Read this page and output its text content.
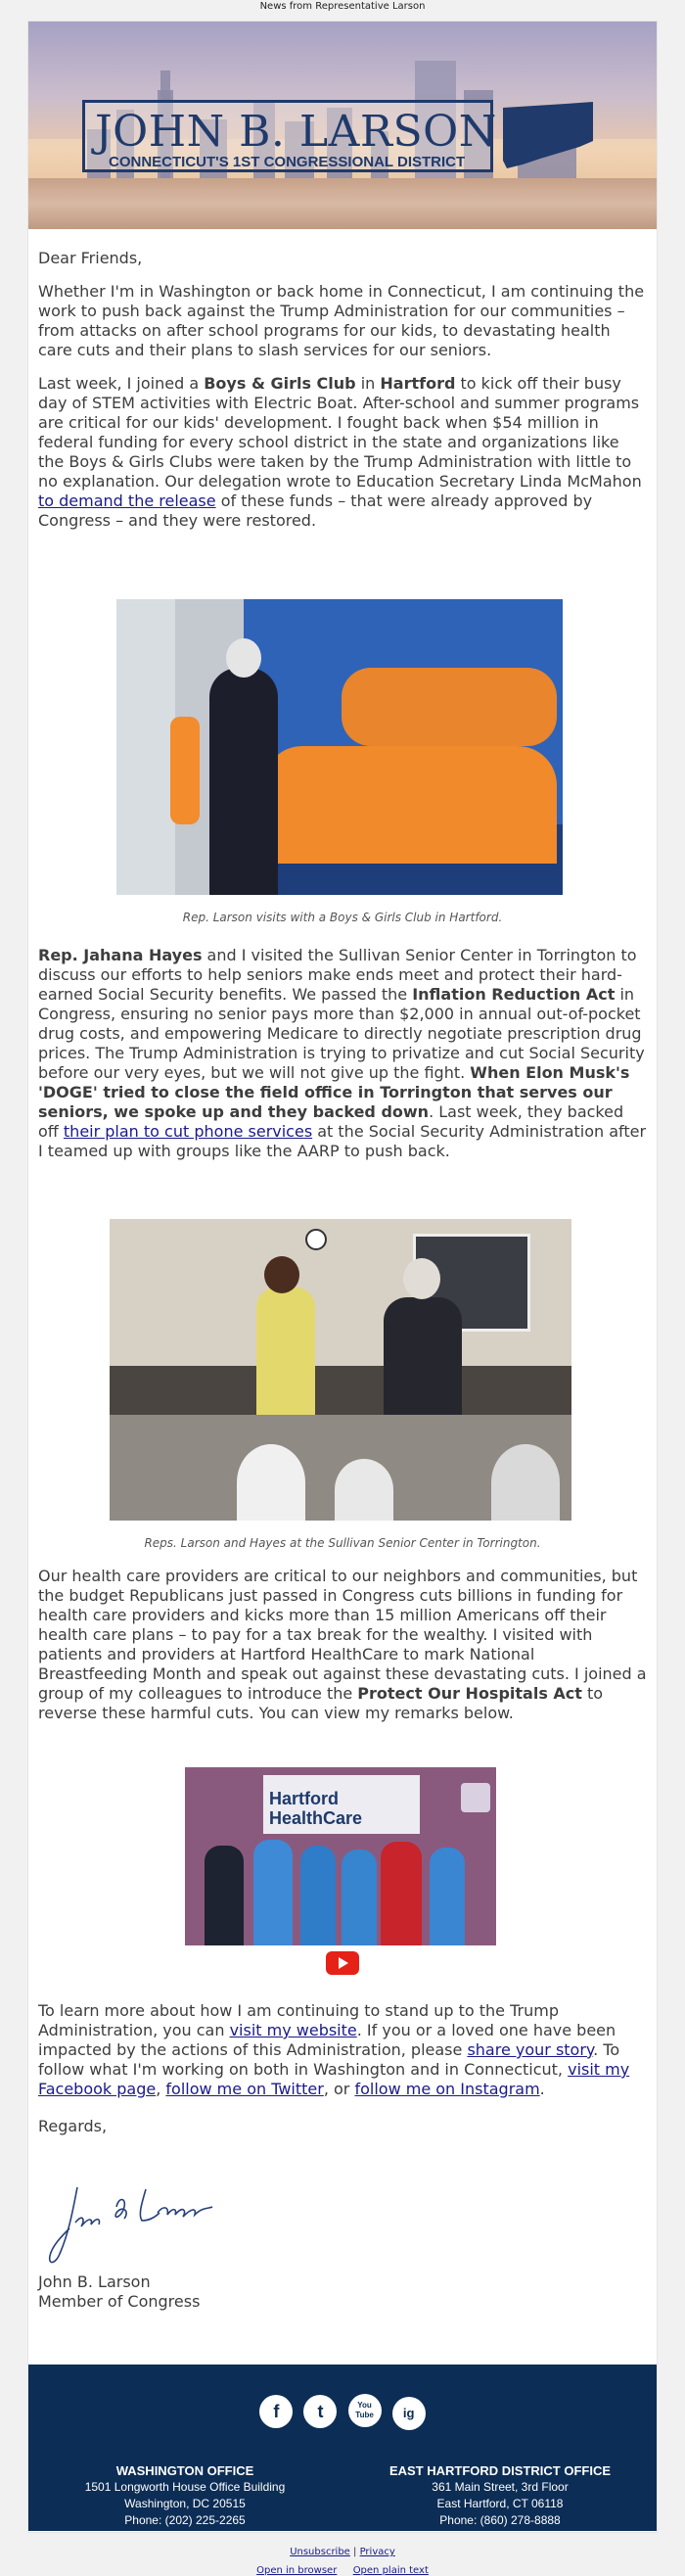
News from Representative Larson
JOHN B. LARSON
CONNECTICUT'S 1ST CONGRESSIONAL DISTRICT

Dear Friends,

Whether I'm in Washington or back home in Connecticut, I am continuing the work to push back against the Trump Administration for our communities – from attacks on after school programs for our kids, to devastating health care cuts and their plans to slash services for our seniors.

Last week, I joined a Boys & Girls Club in Hartford to kick off their busy day of STEM activities with Electric Boat. After-school and summer programs are critical for our kids' development. I fought back when $54 million in federal funding for every school district in the state and organizations like the Boys & Girls Clubs were taken by the Trump Administration with little to no explanation. Our delegation wrote to Education Secretary Linda McMahon to demand the release of these funds – that were already approved by Congress – and they were restored.

Rep. Larson visits with a Boys & Girls Club in Hartford.

Rep. Jahana Hayes and I visited the Sullivan Senior Center in Torrington to discuss our efforts to help seniors make ends meet and protect their hard-earned Social Security benefits. We passed the Inflation Reduction Act in Congress, ensuring no senior pays more than $2,000 in annual out-of-pocket drug costs, and empowering Medicare to directly negotiate prescription drug prices. The Trump Administration is trying to privatize and cut Social Security before our very eyes, but we will not give up the fight. When Elon Musk's 'DOGE' tried to close the field office in Torrington that serves our seniors, we spoke up and they backed down. Last week, they backed off their plan to cut phone services at the Social Security Administration after I teamed up with groups like the AARP to push back.

Reps. Larson and Hayes at the Sullivan Senior Center in Torrington.

Our health care providers are critical to our neighbors and communities, but the budget Republicans just passed in Congress cuts billions in funding for health care providers and kicks more than 15 million Americans off their health care plans – to pay for a tax break for the wealthy. I visited with patients and providers at Hartford HealthCare to mark National Breastfeeding Month and speak out against these devastating cuts. I joined a group of my colleagues to introduce the Protect Our Hospitals Act to reverse these harmful cuts. You can view my remarks below.

Hartford HealthCare

To learn more about how I am continuing to stand up to the Trump Administration, you can visit my website. If you or a loved one have been impacted by the actions of this Administration, please share your story. To follow what I'm working on both in Washington and in Connecticut, visit my Facebook page, follow me on Twitter, or follow me on Instagram.

Regards,

John B. Larson
Member of Congress
f t	You Tube ig
WASHINGTON OFFICE
1501 Longworth House Office Building
Washington, DC 20515
Phone: (202) 225-2265
EAST HARTFORD DISTRICT OFFICE
361 Main Street, 3rd Floor
East Hartford, CT 06118
Phone: (860) 278-8888
Unsubscribe | Privacy
Open in browser Open plain text
